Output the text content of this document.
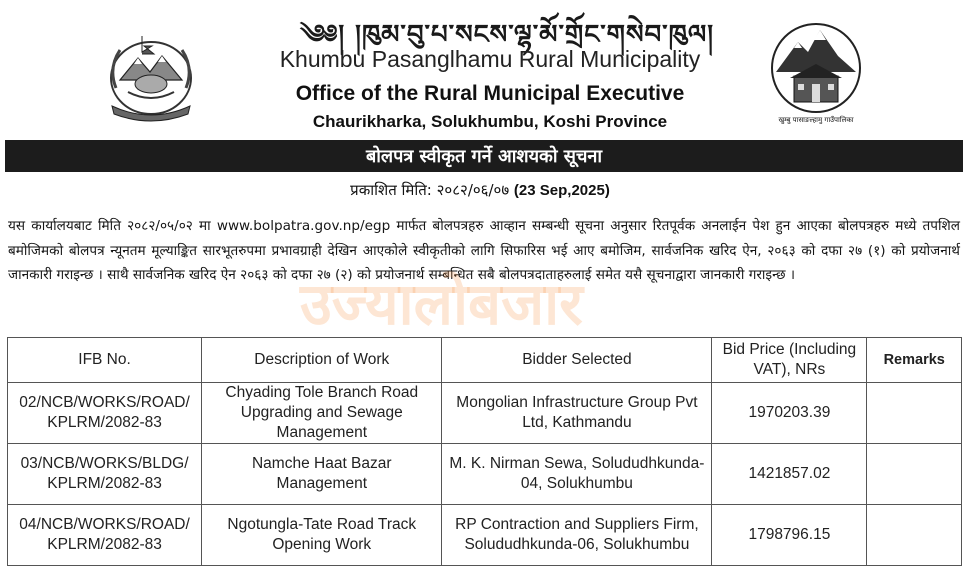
༄༅། །ཁུམ་བུ་པ་སངས་ལྷ་མོ་གྲོང་གསེབ་ཁུལ།
Khumbu Pasanglhamu Rural Municipality
Office of the Rural Municipal Executive
Chaurikharka, Solukhumbu, Koshi Province	खुम्बु पासाङल्हामु गाउँपालिका
बोलपत्र स्वीकृत गर्ने आशयको सूचना
प्रकाशित मिति: २०८२/०६/०७ (23 Sep,2025)
यस कार्यालयबाट मिति २०८२/०५/०२ मा www.bolpatra.gov.np/egp मार्फत बोलपत्रहरु आव्हान सम्बन्धी सूचना अनुसार रितपूर्वक अनलाईन पेश हुन आएका बोलपत्रहरु मध्ये तपशिल बमोजिमको बोलपत्र न्यूनतम मूल्याङ्कित सारभूतरुपमा प्रभावग्राही देखिन आएकोले स्वीकृतीको लागि सिफारिस भई आए बमोजिम, सार्वजनिक खरिद ऐन, २०६३ को दफा २७ (१) को प्रयोजनार्थ जानकारी गराइन्छ । साथै सार्वजनिक खरिद ऐन २०६३ को दफा २७ (२) को प्रयोजनार्थ सम्बन्धित सबै बोलपत्रदाताहरुलाई समेत यसै सूचनाद्वारा जानकारी गराइन्छ ।
उज्यालोबजार
IFB No.	Description of Work	Bidder Selected	Bid Price (Including VAT), NRs	Remarks
02/NCB/WORKS/ROAD/ KPLRM/2082-83	Chyading Tole Branch Road Upgrading and Sewage Management	Mongolian Infrastructure Group Pvt Ltd, Kathmandu	1970203.39	
03/NCB/WORKS/BLDG/ KPLRM/2082-83	Namche Haat Bazar Management	M. K. Nirman Sewa, Solududhkunda-04, Solukhumbu	1421857.02	
04/NCB/WORKS/ROAD/ KPLRM/2082-83	Ngotungla-Tate Road Track Opening Work	RP Contraction and Suppliers Firm, Solududhkunda-06, Solukhumbu	1798796.15	
